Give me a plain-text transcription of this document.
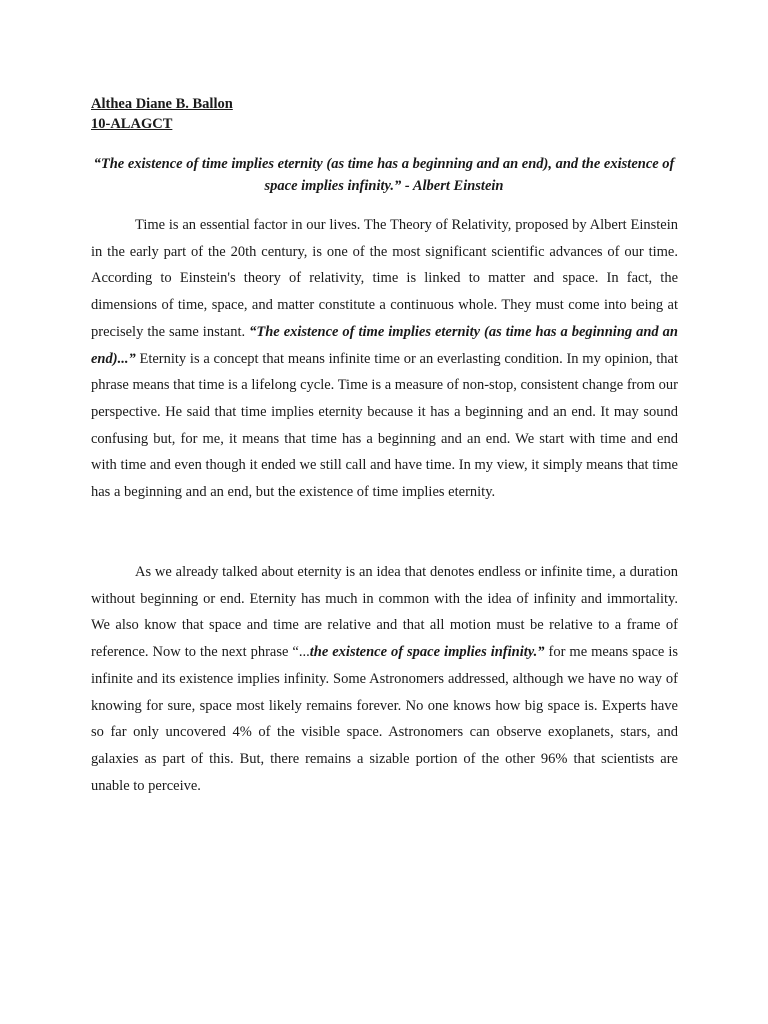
Althea Diane B. Ballon
10-ALAGCT
“The existence of time implies eternity (as time has a beginning and an end), and the existence of space implies infinity.” - Albert Einstein

Time is an essential factor in our lives. The Theory of Relativity, proposed by Albert Einstein in the early part of the 20th century, is one of the most significant scientific advances of our time. According to Einstein's theory of relativity, time is linked to matter and space. In fact, the dimensions of time, space, and matter constitute a continuous whole. They must come into being at precisely the same instant. “The existence of time implies eternity (as time has a beginning and an end)...” Eternity is a concept that means infinite time or an everlasting condition. In my opinion, that phrase means that time is a lifelong cycle. Time is a measure of non-stop, consistent change from our perspective. He said that time implies eternity because it has a beginning and an end. It may sound confusing but, for me, it means that time has a beginning and an end. We start with time and end with time and even though it ended we still call and have time. In my view, it simply means that time has a beginning and an end, but the existence of time implies eternity.

As we already talked about eternity is an idea that denotes endless or infinite time, a duration without beginning or end. Eternity has much in common with the idea of infinity and immortality. We also know that space and time are relative and that all motion must be relative to a frame of reference. Now to the next phrase “...the existence of space implies infinity.” for me means space is infinite and its existence implies infinity. Some Astronomers addressed, although we have no way of knowing for sure, space most likely remains forever. No one knows how big space is. Experts have so far only uncovered 4% of the visible space. Astronomers can observe exoplanets, stars, and galaxies as part of this. But, there remains a sizable portion of the other 96% that scientists are unable to perceive.
